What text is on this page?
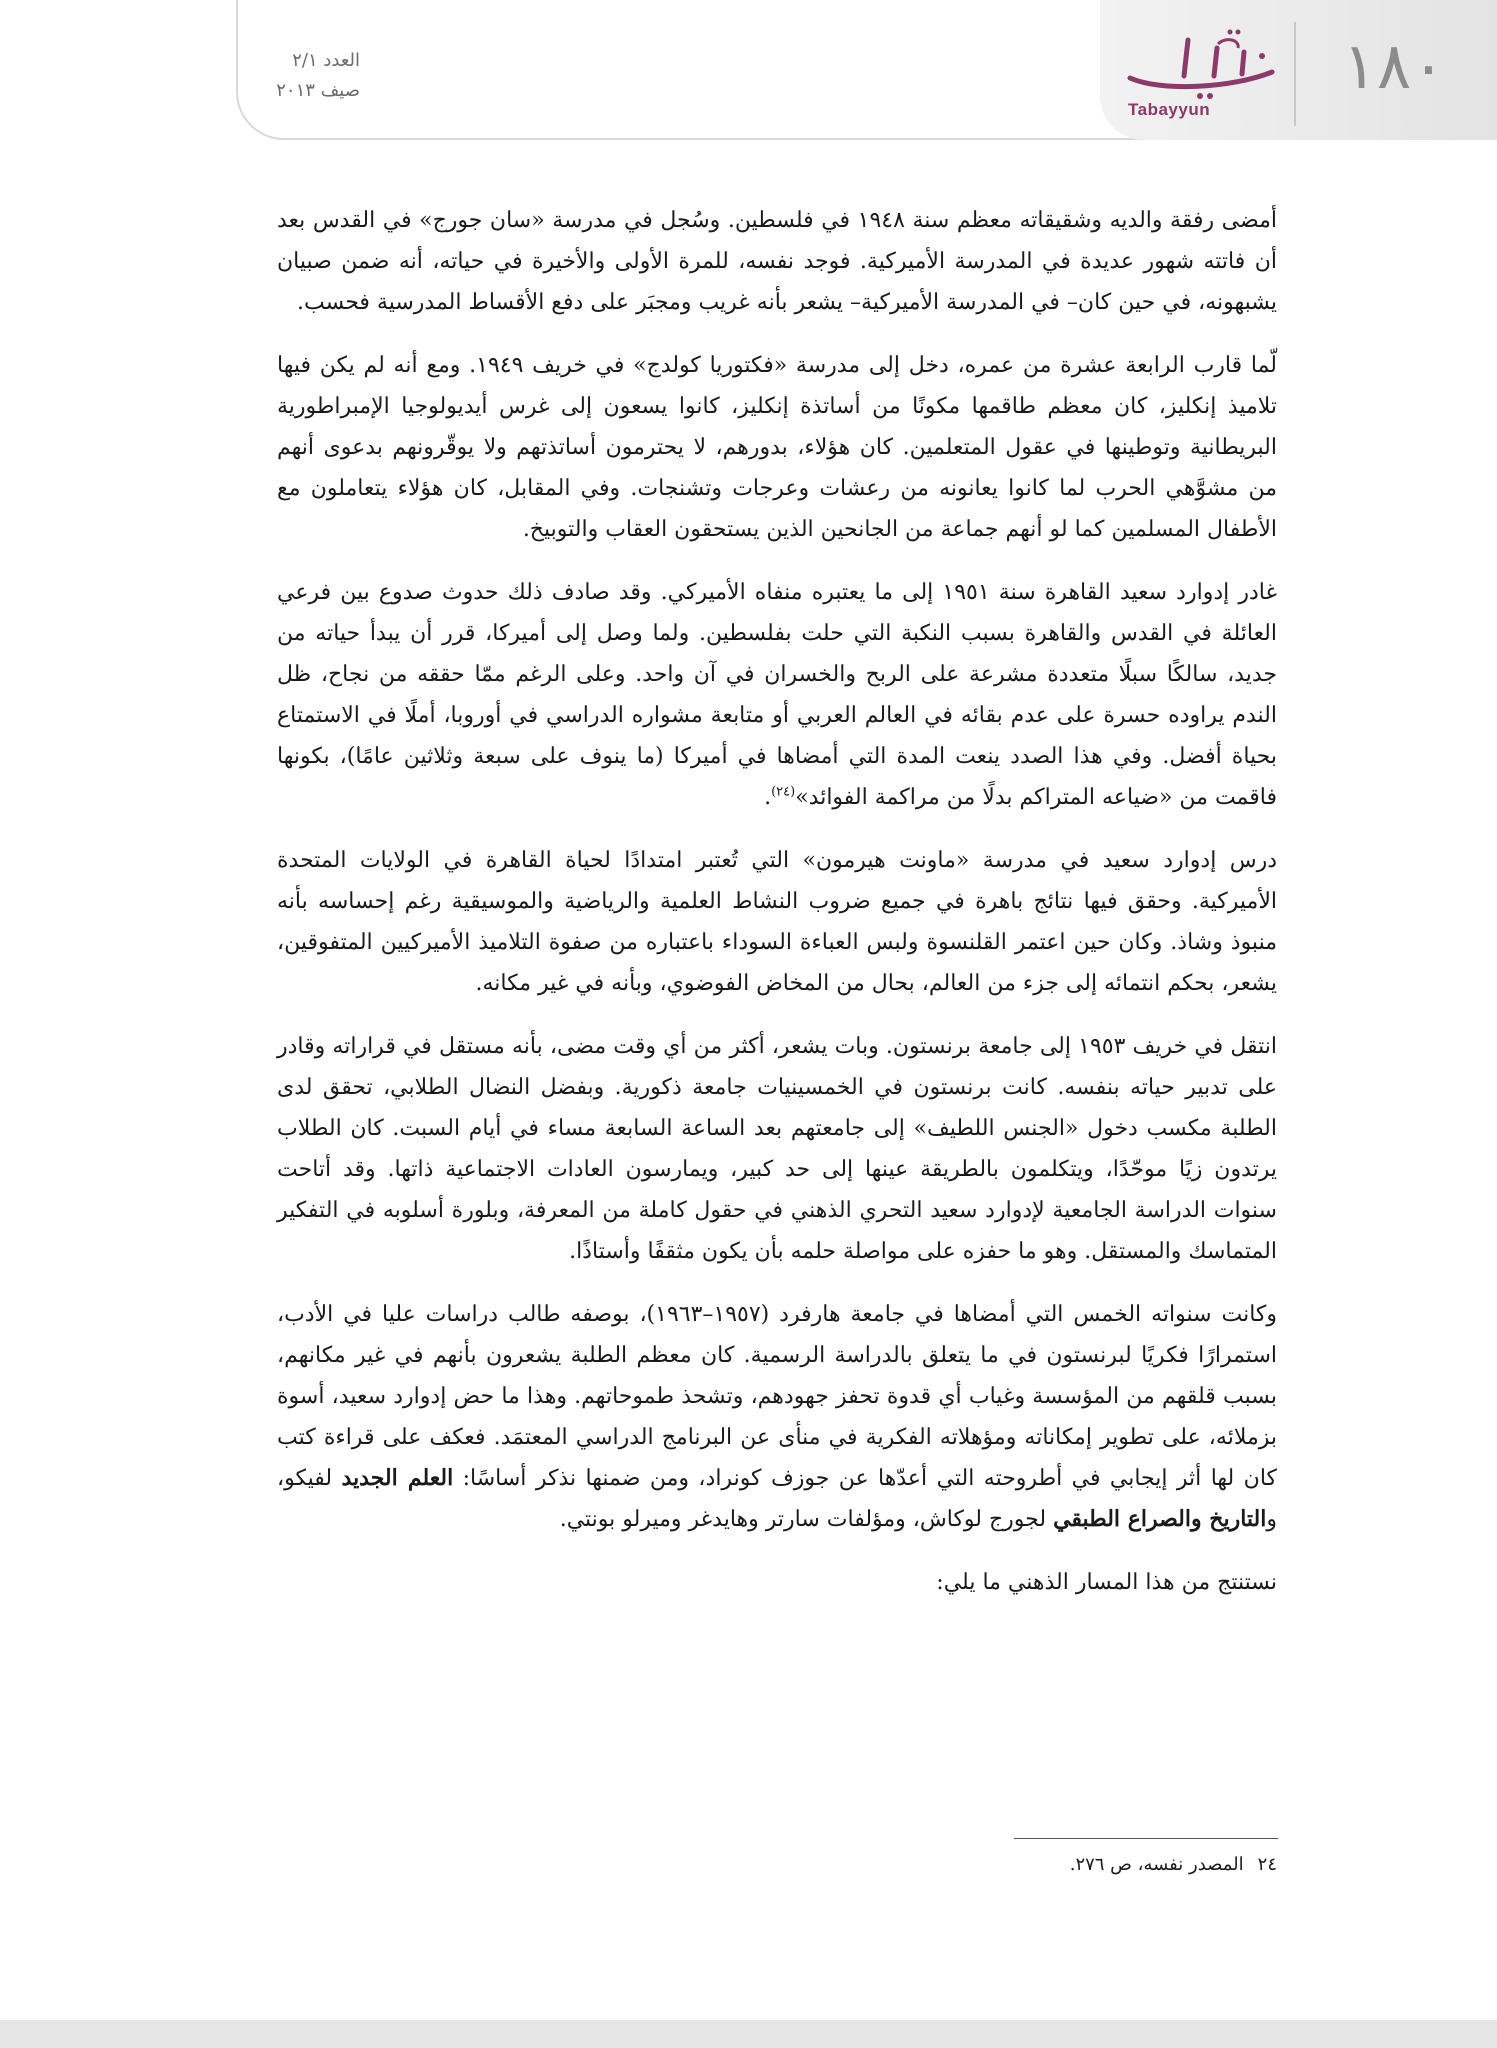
Tabayyun
١٨٠
العدد ٢/١
صيف ٢٠١٣

أمضى رفقة والديه وشقيقاته معظم سنة ١٩٤٨ في فلسطين. وسُجل في مدرسة «سان جورج» في القدس بعد أن فاتته شهور عديدة في المدرسة الأميركية. فوجد نفسه، للمرة الأولى والأخيرة في حياته، أنه ضمن صبيان يشبهونه، في حين كان– في المدرسة الأميركية– يشعر بأنه غريب ومجبَر على دفع الأقساط المدرسية فحسب.

لّما قارب الرابعة عشرة من عمره، دخل إلى مدرسة «فكتوريا كولدج» في خريف ١٩٤٩. ومع أنه لم يكن فيها تلاميذ إنكليز، كان معظم طاقمها مكونًا من أساتذة إنكليز، كانوا يسعون إلى غرس أيديولوجيا الإمبراطورية البريطانية وتوطينها في عقول المتعلمين. كان هؤلاء، بدورهم، لا يحترمون أساتذتهم ولا يوقّرونهم بدعوى أنهم من مشوَّهي الحرب لما كانوا يعانونه من رعشات وعرجات وتشنجات. وفي المقابل، كان هؤلاء يتعاملون مع الأطفال المسلمين كما لو أنهم جماعة من الجانحين الذين يستحقون العقاب والتوبيخ.

غادر إدوارد سعيد القاهرة سنة ١٩٥١ إلى ما يعتبره منفاه الأميركي. وقد صادف ذلك حدوث صدوع بين فرعي العائلة في القدس والقاهرة بسبب النكبة التي حلت بفلسطين. ولما وصل إلى أميركا، قرر أن يبدأ حياته من جديد، سالكًا سبلًا متعددة مشرعة على الربح والخسران في آن واحد. وعلى الرغم ممّا حققه من نجاح، ظل الندم يراوده حسرة على عدم بقائه في العالم العربي أو متابعة مشواره الدراسي في أوروبا، أملًا في الاستمتاع بحياة أفضل. وفي هذا الصدد ينعت المدة التي أمضاها في أميركا (ما ينوف على سبعة وثلاثين عامًا)، بكونها فاقمت من «ضياعه المتراكم بدلًا من مراكمة الفوائد»$^{(٢٤)}$.

درس إدوارد سعيد في مدرسة «ماونت هيرمون» التي تُعتبر امتدادًا لحياة القاهرة في الولايات المتحدة الأميركية. وحقق فيها نتائج باهرة في جميع ضروب النشاط العلمية والرياضية والموسيقية رغم إحساسه بأنه منبوذ وشاذ. وكان حين اعتمر القلنسوة ولبس العباءة السوداء باعتباره من صفوة التلاميذ الأميركيين المتفوقين، يشعر، بحكم انتمائه إلى جزء من العالم، بحال من المخاض الفوضوي، وبأنه في غير مكانه.

انتقل في خريف ١٩٥٣ إلى جامعة برنستون. وبات يشعر، أكثر من أي وقت مضى، بأنه مستقل في قراراته وقادر على تدبير حياته بنفسه. كانت برنستون في الخمسينيات جامعة ذكورية. وبفضل النضال الطلابي، تحقق لدى الطلبة مكسب دخول «الجنس اللطيف» إلى جامعتهم بعد الساعة السابعة مساء في أيام السبت. كان الطلاب يرتدون زيًا موحّدًا، ويتكلمون بالطريقة عينها إلى حد كبير، ويمارسون العادات الاجتماعية ذاتها. وقد أتاحت سنوات الدراسة الجامعية لإدوارد سعيد التحري الذهني في حقول كاملة من المعرفة، وبلورة أسلوبه في التفكير المتماسك والمستقل. وهو ما حفزه على مواصلة حلمه بأن يكون مثقفًا وأستاذًا.

وكانت سنواته الخمس التي أمضاها في جامعة هارفرد (١٩٥٧–١٩٦٣)، بوصفه طالب دراسات عليا في الأدب، استمرارًا فكريًا لبرنستون في ما يتعلق بالدراسة الرسمية. كان معظم الطلبة يشعرون بأنهم في غير مكانهم، بسبب قلقهم من المؤسسة وغياب أي قدوة تحفز جهودهم، وتشحذ طموحاتهم. وهذا ما حض إدوارد سعيد، أسوة بزملائه، على تطوير إمكاناته ومؤهلاته الفكرية في منأى عن البرنامج الدراسي المعتمَد. فعكف على قراءة كتب كان لها أثر إيجابي في أطروحته التي أعدّها عن جوزف كونراد، ومن ضمنها نذكر أساسًا: العلم الجديد لفيكو، والتاريخ والصراع الطبقي لجورج لوكاش، ومؤلفات سارتر وهايدغر وميرلو بونتي.

نستنتج من هذا المسار الذهني ما يلي:

٢٤المصدر نفسه، ص ٢٧٦.
